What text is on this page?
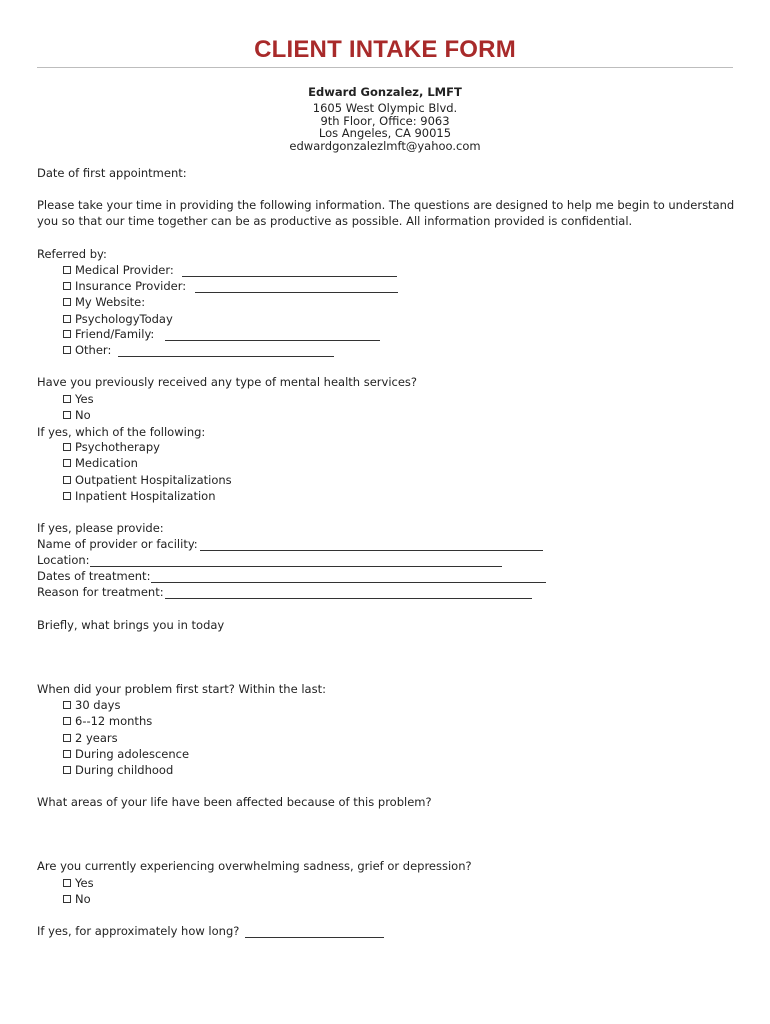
CLIENT INTAKE FORM
Edward Gonzalez, LMFT
1605 West Olympic Blvd.
9th Floor, Office: 9063
Los Angeles, CA 90015
edwardgonzalezlmft@yahoo.com
Date of first appointment:
Please take your time in providing the following information. The questions are designed to help me begin to understand you so that our time together can be as productive as possible. All information provided is confidential.
Referred by:
Medical Provider:
Insurance Provider:
My Website:
PsychologyToday
Friend/Family:
Other:
Have you previously received any type of mental health services?
Yes
No
If yes, which of the following:
Psychotherapy
Medication
Outpatient Hospitalizations
Inpatient Hospitalization
If yes, please provide:
Name of provider or facility:
Location:
Dates of treatment:
Reason for treatment:
Briefly, what brings you in today
When did your problem first start? Within the last:
30 days
6--12 months
2 years
During adolescence
During childhood
What areas of your life have been affected because of this problem?
Are you currently experiencing overwhelming sadness, grief or depression?
Yes
No
If yes, for approximately how long?
